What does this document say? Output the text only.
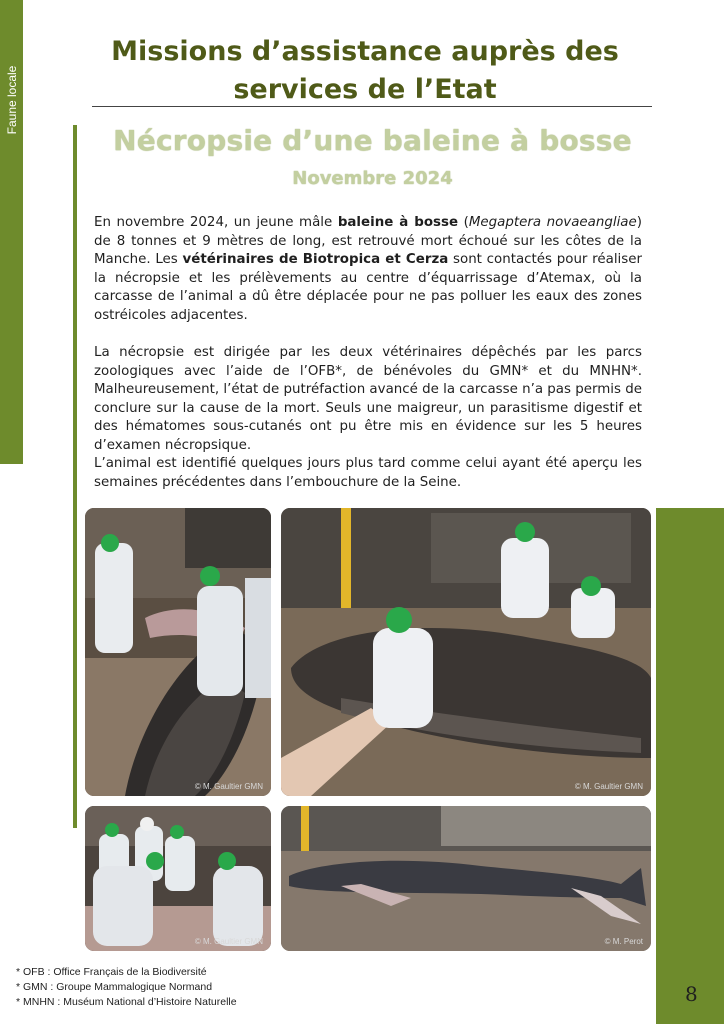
Faune locale
Missions d’assistance auprès des
services de l’Etat
Nécropsie d’une baleine à bosse
Novembre 2024

En novembre 2024, un jeune mâle baleine à bosse (Megaptera novaeangliae) de 8 tonnes et 9 mètres de long, est retrouvé mort échoué sur les côtes de la Manche. Les vétérinaires de Biotropica et Cerza sont contactés pour réaliser la nécropsie et les prélèvements au centre d’équarrissage d’Atemax, où la carcasse de l’animal a dû être déplacée pour ne pas polluer les eaux des zones ostréicoles adjacentes.

La nécropsie est dirigée par les deux vétérinaires dépêchés par les parcs zoologiques avec l’aide de l’OFB*, de bénévoles du GMN* et du MNHN*. Malheureusement, l’état de putréfaction avancé de la carcasse n’a pas permis de conclure sur la cause de la mort. Seuls une maigreur, un parasitisme digestif et des hématomes sous-cutanés ont pu être mis en évidence sur les 5 heures d’examen nécropsique.

L’animal est identifié quelques jours plus tard comme celui ayant été aperçu les semaines précédentes dans l’embouchure de la Seine.

© M. Gaultier GMN	© M. Gaultier GMN
© M. Gaultier GMN	© M. Perot
* OFB : Office Français de la Biodiversité
* GMN : Groupe Mammalogique Normand
* MNHN : Muséum National d’Histoire Naturelle	8
